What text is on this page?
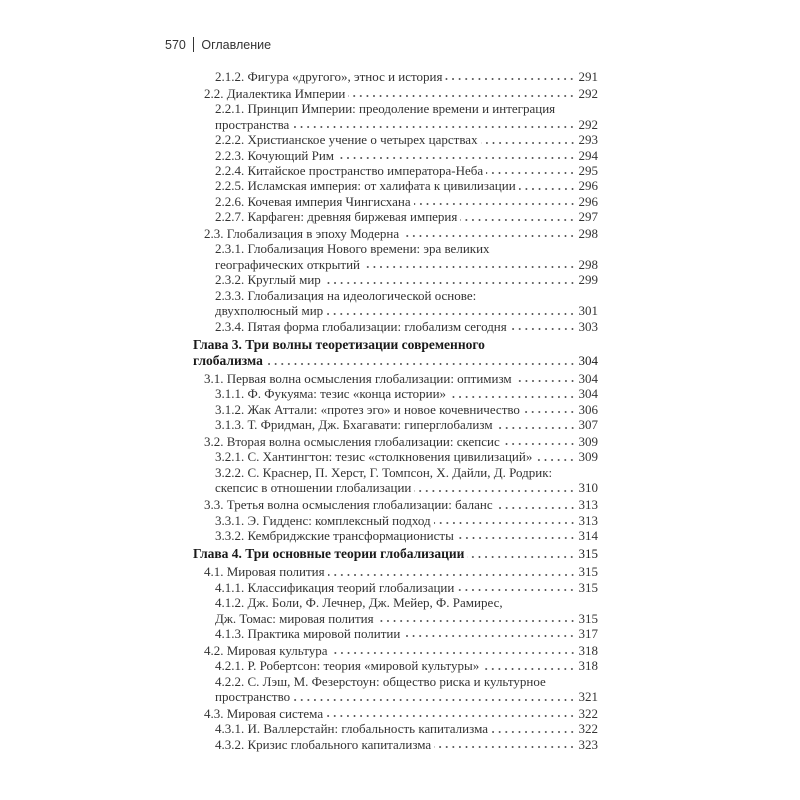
570 Оглавление
2.1.2. Фигура «другого», этнос и история	291
2.2. Диалектика Империи	292
2.2.1. Принцип Империи: преодоление времени и интеграция
пространства	292
2.2.2. Христианское учение о четырех царствах	293
2.2.3. Кочующий Рим	294
2.2.4. Китайское пространство императора-Неба	295
2.2.5. Исламская империя: от халифата к цивилизации	296
2.2.6. Кочевая империя Чингисхана	296
2.2.7. Карфаген: древняя биржевая империя	297
2.3. Глобализация в эпоху Модерна	298
2.3.1. Глобализация Нового времени: эра великих
географических открытий	298
2.3.2. Круглый мир	299
2.3.3. Глобализация на идеологической основе:
двухполюсный мир	301
2.3.4. Пятая форма глобализации: глобализм сегодня	303
Глава 3. Три волны теоретизации современного
глобализма	304
3.1. Первая волна осмысления глобализации: оптимизм	304
3.1.1. Ф. Фукуяма: тезис «конца истории»	304
3.1.2. Жак Аттали: «протез эго» и новое кочевничество	306
3.1.3. Т. Фридман, Дж. Бхагавати: гиперглобализм	307
3.2. Вторая волна осмысления глобализации: скепсис	309
3.2.1. С. Хантингтон: тезис «столкновения цивилизаций»	309
3.2.2. С. Краснер, П. Херст, Г. Томпсон, Х. Дайли, Д. Родрик:
скепсис в отношении глобализации	310
3.3. Третья волна осмысления глобализации: баланс	313
3.3.1. Э. Гидденс: комплексный подход	313
3.3.2. Кембриджские трансформационисты	314
Глава 4. Три основные теории глобализации	315
4.1. Мировая полития	315
4.1.1. Классификация теорий глобализации	315
4.1.2. Дж. Боли, Ф. Лечнер, Дж. Мейер, Ф. Рамирес,
Дж. Томас: мировая полития	315
4.1.3. Практика мировой политии	317
4.2. Мировая культура	318
4.2.1. Р. Робертсон: теория «мировой культуры»	318
4.2.2. С. Лэш, М. Фезерстоун: общество риска и культурное
пространство	321
4.3. Мировая система	322
4.3.1. И. Валлерстайн: глобальность капитализма	322
4.3.2. Кризис глобального капитализма	323
